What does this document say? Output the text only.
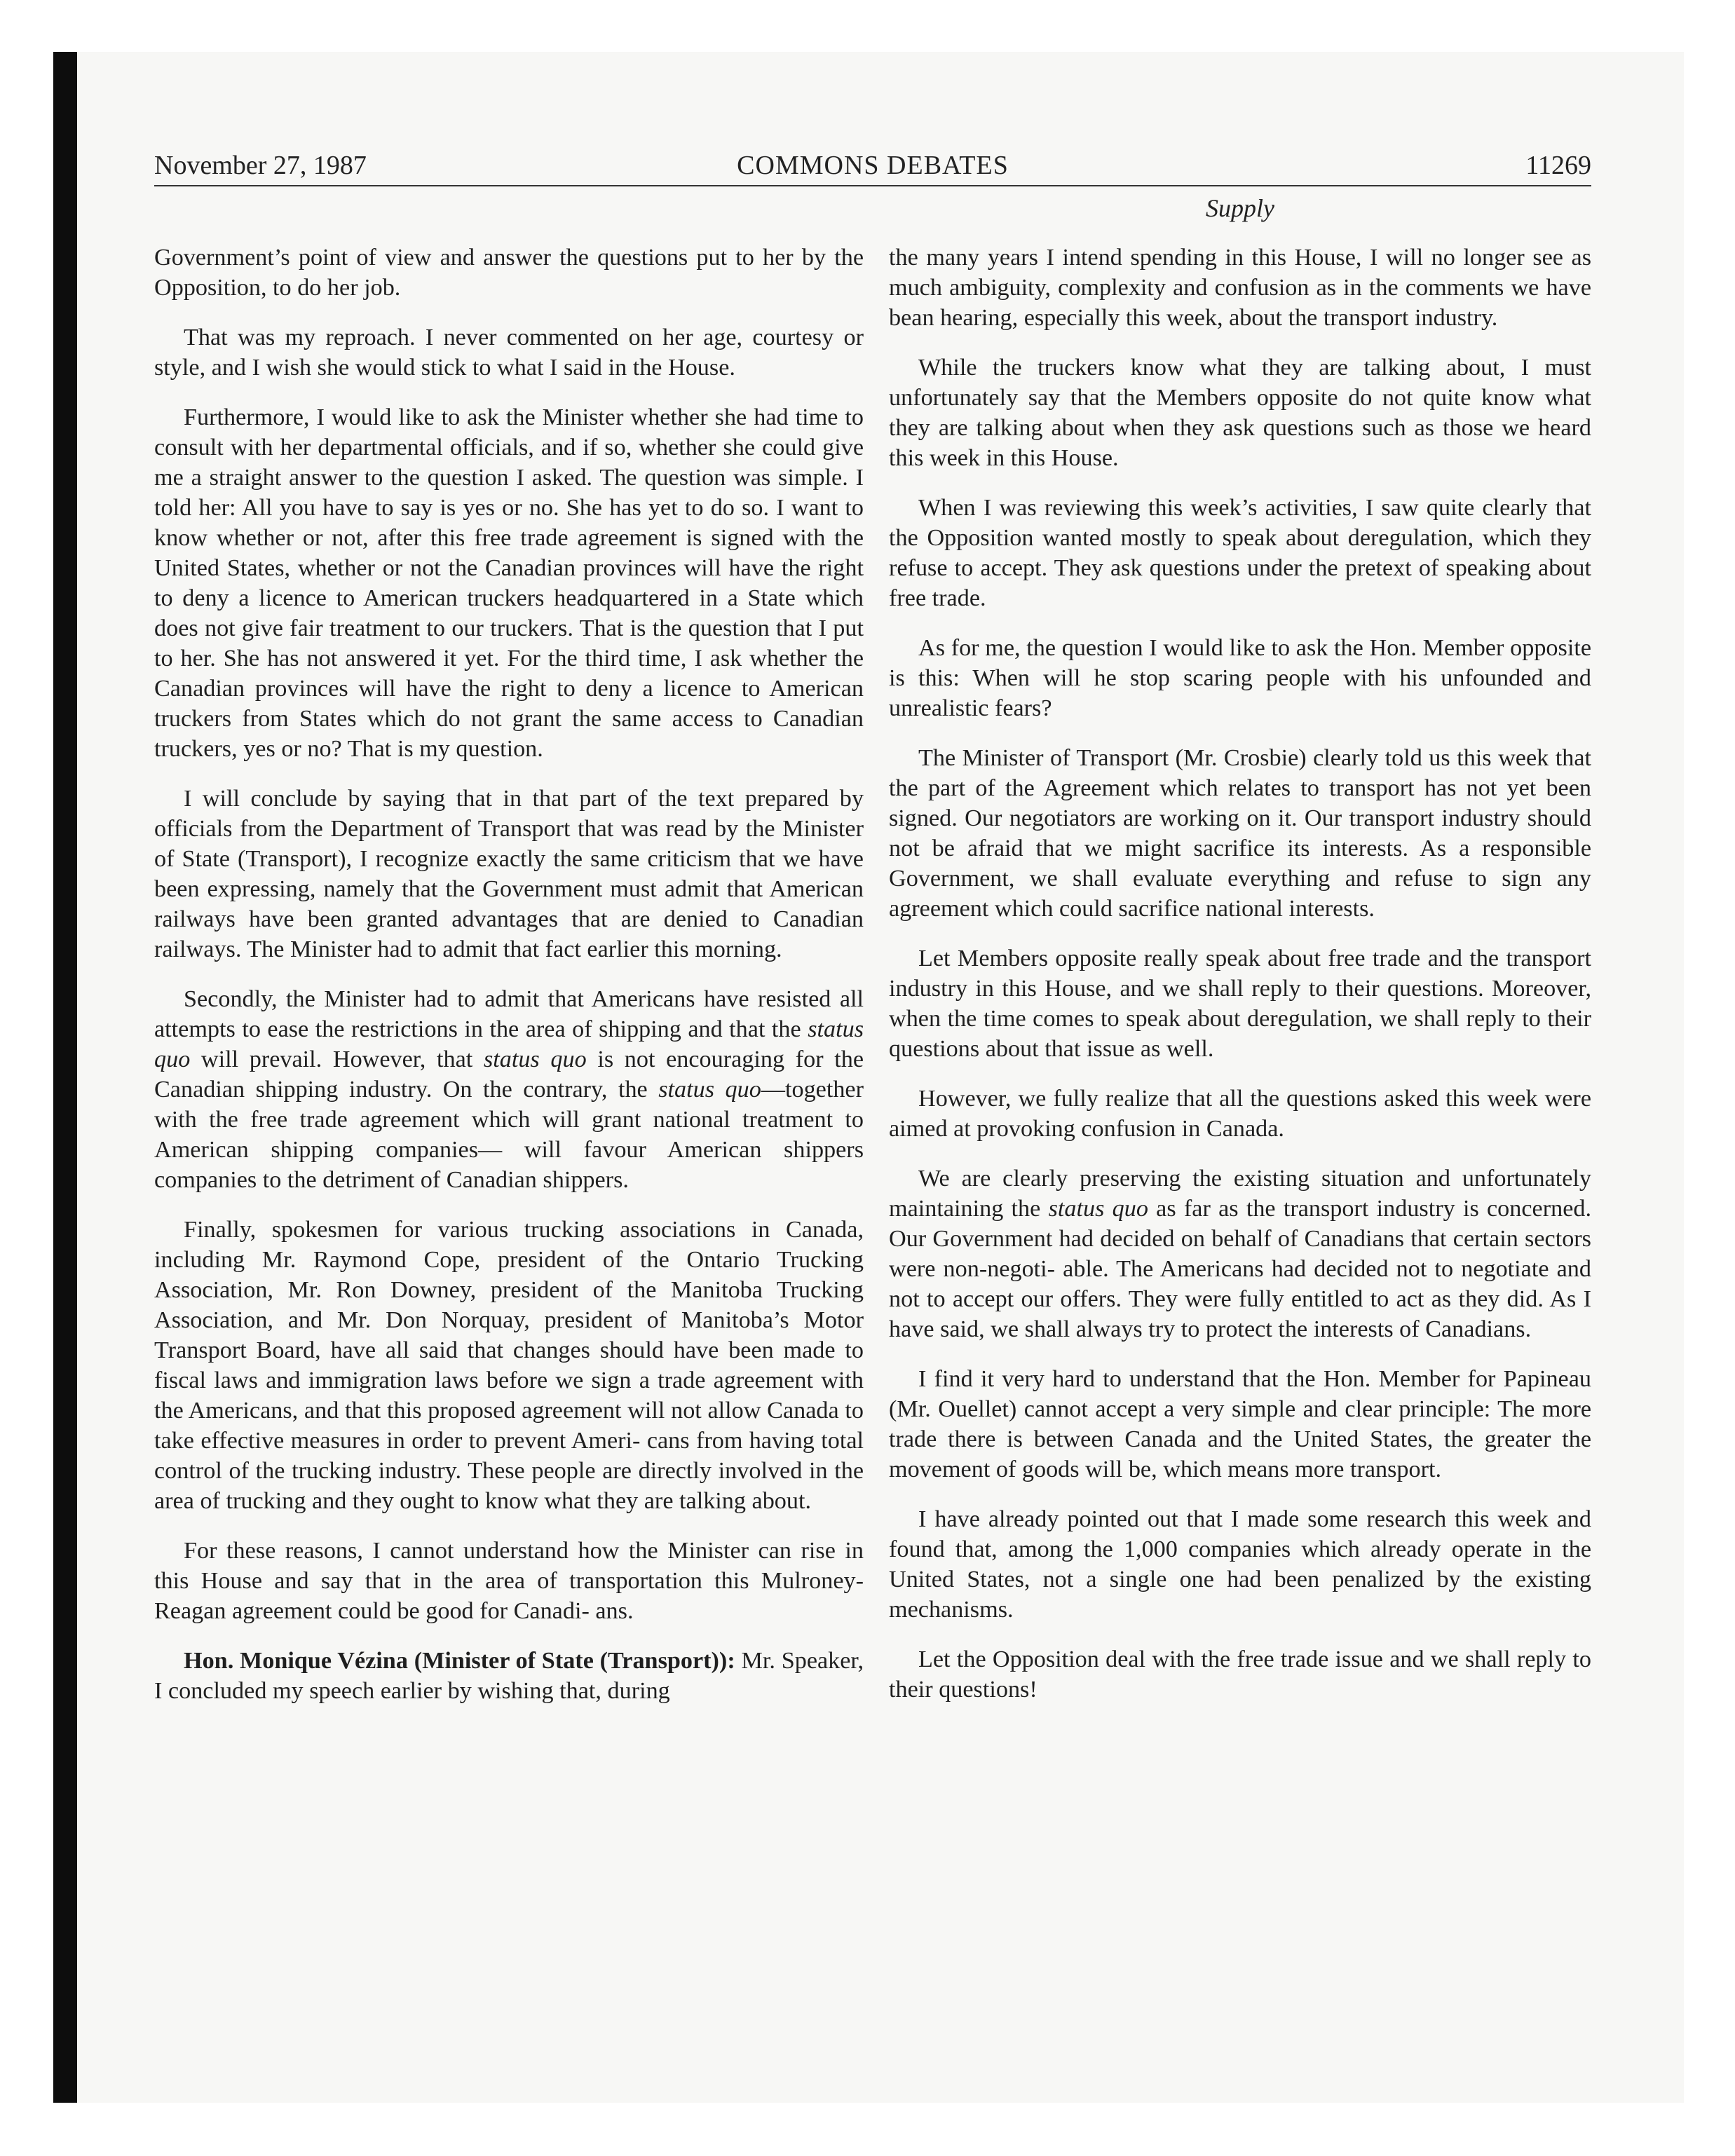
November 27, 1987	COMMONS DEBATES	11269
Supply

Government’s point of view and answer the questions put to her by the Opposition, to do her job.

That was my reproach. I never commented on her age, courtesy or style, and I wish she would stick to what I said in the House.

Furthermore, I would like to ask the Minister whether she had time to consult with her departmental officials, and if so, whether she could give me a straight answer to the question I asked. The question was simple. I told her: All you have to say is yes or no. She has yet to do so. I want to know whether or not, after this free trade agreement is signed with the United States, whether or not the Canadian provinces will have the right to deny a licence to American truckers headquartered in a State which does not give fair treatment to our truckers. That is the question that I put to her. She has not answered it yet. For the third time, I ask whether the Canadian provinces will have the right to deny a licence to American truckers from States which do not grant the same access to Canadian truckers, yes or no? That is my question.

I will conclude by saying that in that part of the text prepared by officials from the Department of Transport that was read by the Minister of State (Transport), I recognize exactly the same criticism that we have been expressing, namely that the Government must admit that American railways have been granted advantages that are denied to Canadian railways. The Minister had to admit that fact earlier this morning.

Secondly, the Minister had to admit that Americans have resisted all attempts to ease the restrictions in the area of shipping and that the status quo will prevail. However, that status quo is not encouraging for the Canadian shipping industry. On the contrary, the status quo—together with the free trade agreement which will grant national treatment to American shipping companies— will favour American shippers companies to the detriment of Canadian shippers.

Finally, spokesmen for various trucking associations in Canada, including Mr. Raymond Cope, president of the Ontario Trucking Association, Mr. Ron Downey, president of the Manitoba Trucking Association, and Mr. Don Norquay, president of Manitoba’s Motor Transport Board, have all said that changes should have been made to fiscal laws and immigration laws before we sign a trade agreement with the Americans, and that this proposed agreement will not allow Canada to take effective measures in order to prevent Ameri- cans from having total control of the trucking industry. These people are directly involved in the area of trucking and they ought to know what they are talking about.

For these reasons, I cannot understand how the Minister can rise in this House and say that in the area of transportation this Mulroney-Reagan agreement could be good for Canadi- ans.

Hon. Monique Vézina (Minister of State (Transport)): Mr. Speaker, I concluded my speech earlier by wishing that, during

the many years I intend spending in this House, I will no longer see as much ambiguity, complexity and confusion as in the comments we have bean hearing, especially this week, about the transport industry.

While the truckers know what they are talking about, I must unfortunately say that the Members opposite do not quite know what they are talking about when they ask questions such as those we heard this week in this House.

When I was reviewing this week’s activities, I saw quite clearly that the Opposition wanted mostly to speak about deregulation, which they refuse to accept. They ask questions under the pretext of speaking about free trade.

As for me, the question I would like to ask the Hon. Member opposite is this: When will he stop scaring people with his unfounded and unrealistic fears?

The Minister of Transport (Mr. Crosbie) clearly told us this week that the part of the Agreement which relates to transport has not yet been signed. Our negotiators are working on it. Our transport industry should not be afraid that we might sacrifice its interests. As a responsible Government, we shall evaluate everything and refuse to sign any agreement which could sacrifice national interests.

Let Members opposite really speak about free trade and the transport industry in this House, and we shall reply to their questions. Moreover, when the time comes to speak about deregulation, we shall reply to their questions about that issue as well.

However, we fully realize that all the questions asked this week were aimed at provoking confusion in Canada.

We are clearly preserving the existing situation and unfortunately maintaining the status quo as far as the transport industry is concerned. Our Government had decided on behalf of Canadians that certain sectors were non-negoti- able. The Americans had decided not to negotiate and not to accept our offers. They were fully entitled to act as they did. As I have said, we shall always try to protect the interests of Canadians.

I find it very hard to understand that the Hon. Member for Papineau (Mr. Ouellet) cannot accept a very simple and clear principle: The more trade there is between Canada and the United States, the greater the movement of goods will be, which means more transport.

I have already pointed out that I made some research this week and found that, among the 1,000 companies which already operate in the United States, not a single one had been penalized by the existing mechanisms.

Let the Opposition deal with the free trade issue and we shall reply to their questions!
